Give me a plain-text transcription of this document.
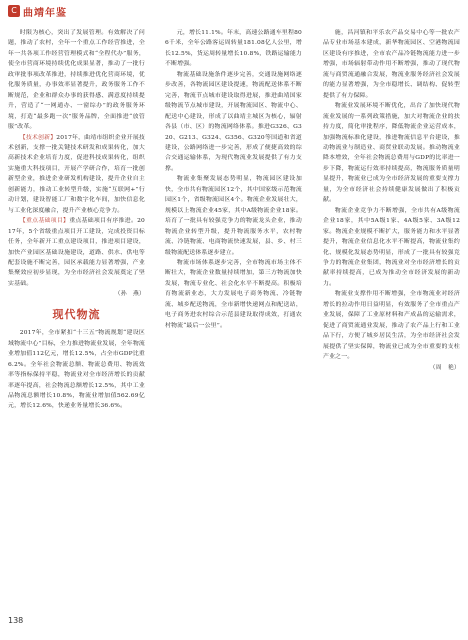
C 曲靖年鉴

时限为核心，突出了发展管理。有效解决了问题，推动了农村，全年一个重点工作经营推进，全年一共各项工作经营管理模式和“全程代办”服务，使全市营商环境持续优化成果显著，推动了一批行政审批事项改革推进，持续推进优化营商环境，优化服务质量，办事效率显著提升，政务服务工作不断规范，企业和群众办事的获得感、满意度持续提升，营造了“一网通办、一窗综办”的政务服务环境，打造“最多跑一次”服务品牌，全面推进“放管服”改革。

【技术创新】2017年，曲靖市组织企业开展技术创新，支撑一批关键技术研发和成果转化，加大高新技术企业培育力度，促进科技成果转化，组织实施重大科技项目，开展产学研合作，培育一批创新型企业，推进企业研发机构建设，提升企业自主创新能力，推动工业转型升级，实施“互联网+”行动计划，建设智能工厂和数字化车间，加快信息化与工业化深度融合，提升产业核心竞争力。

【重点基础项目】重点基础项目有序推进。2017年，5个省级重点项目开工建设，完成投资目标任务，全年新开工重点建设项目，推进项目建设，加快产业园区基础设施建设，道路、供水、供电等配套设施不断完善，园区承载能力显著增强，产业集聚效应初步显现，为全市经济社会发展奠定了坚实基础。

（孙　燕）
现代物流

2017年，全市紧扣“十三五”物流规划“建设区域物流中心”目标，全力推进物流业发展，全年物流业增加值112亿元，增长12.5%，占全市GDP比重6.2%。全年社会物流总额、物流总费用、物流效率等指标保持平稳，物流业对全市经济增长的贡献率逐年提高，社会物流总额增长12.5%，其中工业品物流总额增长10.8%，物流业增加值562.69亿元，增长12.6%，快递业务量增长36.6%。

元，增长11.1%。年末，高速公路通车里程806千米，全年公路客运周转量181.08亿人公里，增长12.5%，货运周转量增长10.8%，铁路运输能力不断增强。

物流基础设施条件逐步完善，交通设施网络逐步改善，各物流园区建设提速，物流配送体系不断完善，物流节点城市建设取得进展，推进曲靖国家级物流节点城市建设，开展物流园区、物流中心、配送中心建设，形成了以曲靖主城区为核心，辐射各县（市、区）的物流网络体系。推进G326、G320、G213、G324、G356、G320等国道和省道建设，公路网络进一步完善，形成了便捷高效的综合交通运输体系，为现代物流业发展提供了有力支撑。

物流业集聚发展态势明显，物流园区建设加快，全市共有物流园区12个，其中国家级示范物流园区1个，省级物流园区4个。物流企业发展壮大，规模以上物流企业45家，其中A级物流企业18家。培育了一批具有较强竞争力的物流龙头企业，推动物流企业转型升级，提升物流服务水平，农村物流、冷链物流、电商物流快速发展，县、乡、村三级物流配送体系逐步建立。

物流市场体系逐步完善，全市物流市场主体不断壮大，物流企业数量持续增加，第三方物流加快发展，物流专业化、社会化水平不断提高。积极培育物流新业态，大力发展电子商务物流、冷链物流、城乡配送物流，全市新增快递网点和配送站，电子商务进农村综合示范县建设取得成效，打通农村物流“最后一公里”。

施，昌河镇和平乐农产品交易中心等一批农产品专业市场基本建成，新华物流园区、空港物流园区建设有序推进，全市农产品冷链物流能力进一步增强，市场辐射带动作用不断增强，推动了现代物流与商贸流通融合发展，物流业服务经济社会发展的能力显著增强，为全市稳增长、调结构、促转型提供了有力保障。

物流业发展环境不断优化，出台了加快现代物流业发展的一系列政策措施，加大对物流企业的扶持力度，简化审批程序，降低物流企业运营成本，加强物流标准化建设，推进物流信息平台建设，推动物流业与制造业、商贸业联动发展。推动物流业降本增效，全年社会物流总费用与GDP的比率进一步下降，物流运行效率持续提高，物流服务质量明显提升，物流业已成为全市经济发展的重要支撑力量，为全市经济社会持续健康发展做出了积极贡献。

物流企业竞争力不断增强，全市共有A级物流企业18家，其中5A级1家、4A级5家、3A级12家。物流企业规模不断扩大，服务能力和水平显著提升，物流企业信息化水平不断提高，物流业集约化、规模化发展态势明显，形成了一批具有较强竞争力的物流企业集团，物流业对全市经济增长的贡献率持续提高，已成为推动全市经济发展的新动力。

物流业支撑作用不断增强，全市物流业对经济增长的拉动作用日益明显，有效服务了全市重点产业发展，保障了工业原材料和产成品的运输需求，促进了商贸流通业发展，推动了农产品上行和工业品下行，方便了城乡居民生活，为全市经济社会发展提供了坚实保障，物流业已成为全市重要的支柱产业之一。

（周　艳）
138
